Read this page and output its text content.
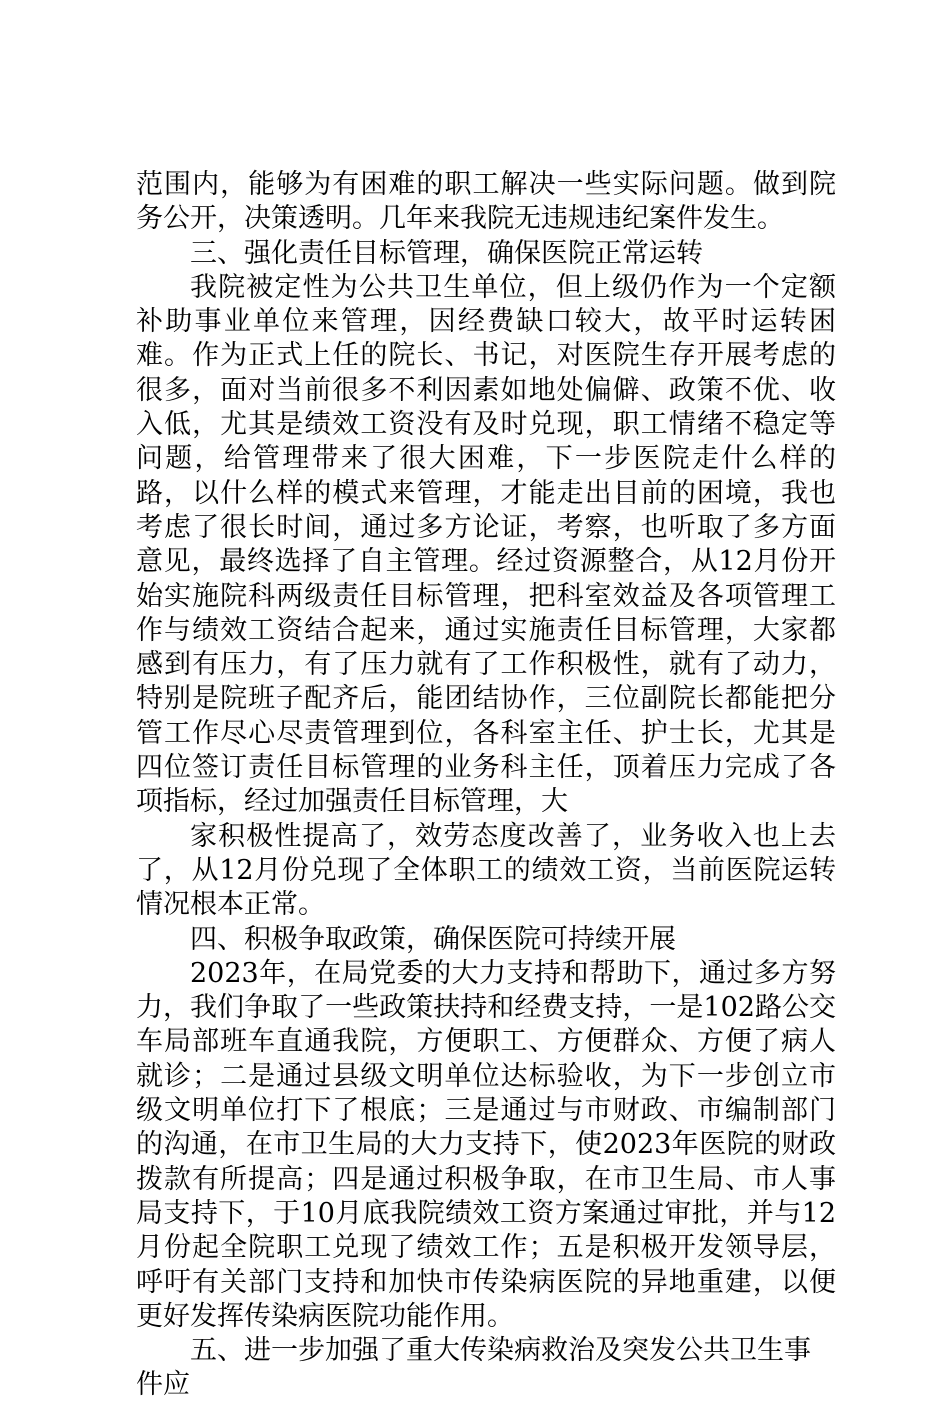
范围内，能够为有困难的职工解决一些实际问题。做到院务公开，决策透明。几年来我院无违规违纪案件发生。

三、强化责任目标管理，确保医院正常运转

我院被定性为公共卫生单位，但上级仍作为一个定额补助事业单位来管理，因经费缺口较大，故平时运转困难。作为正式上任的院长、书记，对医院生存开展考虑的很多，面对当前很多不利因素如地处偏僻、政策不优、收入低，尤其是绩效工资没有及时兑现，职工情绪不稳定等问题，给管理带来了很大困难，下一步医院走什么样的路，以什么样的模式来管理，才能走出目前的困境，我也考虑了很长时间，通过多方论证，考察，也听取了多方面意见，最终选择了自主管理。经过资源整合，从12月份开始实施院科两级责任目标管理，把科室效益及各项管理工作与绩效工资结合起来，通过实施责任目标管理，大家都感到有压力，有了压力就有了工作积极性，就有了动力，特别是院班子配齐后，能团结协作，三位副院长都能把分管工作尽心尽责管理到位，各科室主任、护士长，尤其是四位签订责任目标管理的业务科主任，顶着压力完成了各项指标，经过加强责任目标管理，大

家积极性提高了，效劳态度改善了，业务收入也上去了，从12月份兑现了全体职工的绩效工资，当前医院运转情况根本正常。

四、积极争取政策，确保医院可持续开展

2023年，在局党委的大力支持和帮助下，通过多方努力，我们争取了一些政策扶持和经费支持，一是102路公交车局部班车直通我院，方便职工、方便群众、方便了病人就诊；二是通过县级文明单位达标验收，为下一步创立市级文明单位打下了根底；三是通过与市财政、市编制部门的沟通，在市卫生局的大力支持下，使2023年医院的财政拨款有所提高；四是通过积极争取，在市卫生局、市人事局支持下，于10月底我院绩效工资方案通过审批，并与12月份起全院职工兑现了绩效工作；五是积极开发领导层，呼吁有关部门支持和加快市传染病医院的异地重建，以便更好发挥传染病医院功能作用。

五、进一步加强了重大传染病救治及突发公共卫生事件应
